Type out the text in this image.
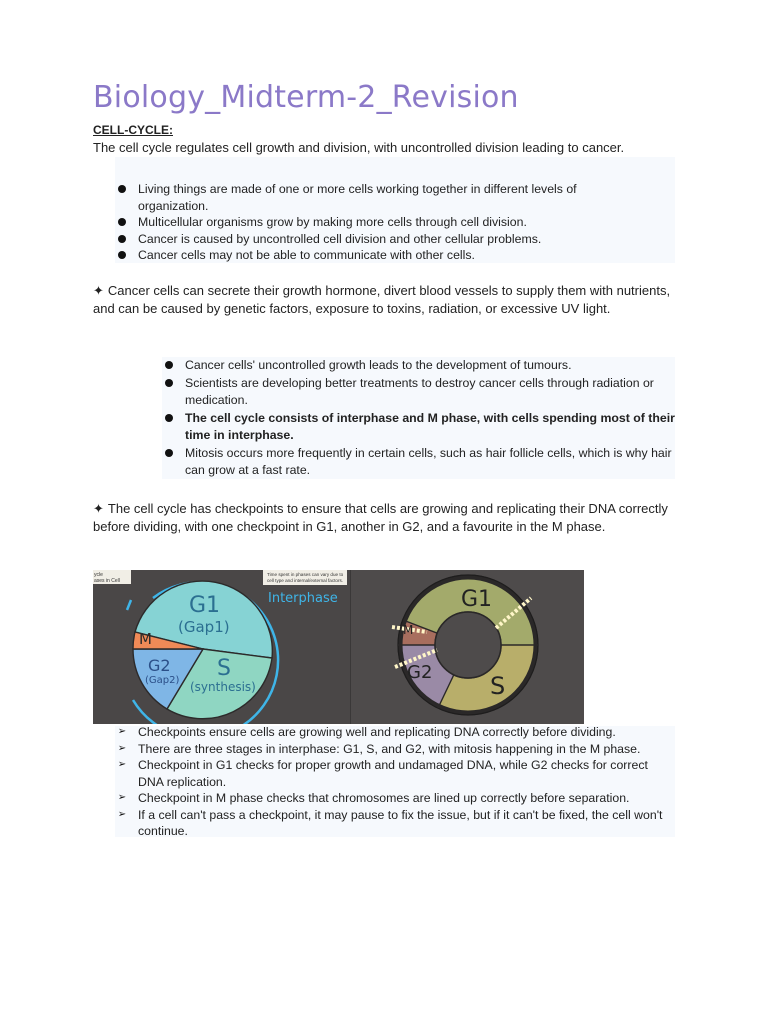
Biology_Midterm-2_Revision

CELL-CYCLE:

The cell cycle regulates cell growth and division, with uncontrolled division leading to cancer.

Living things are made of one or more cells working together in different levels of organization.
Multicellular organisms grow by making more cells through cell division.
Cancer is caused by uncontrolled cell division and other cellular problems.
Cancer cells may not be able to communicate with other cells.

✦ Cancer cells can secrete their growth hormone, divert blood vessels to supply them with nutrients, and can be caused by genetic factors, exposure to toxins, radiation, or excessive UV light.

Cancer cells' uncontrolled growth leads to the development of tumours.
Scientists are developing better treatments to destroy cancer cells through radiation or medication.
The cell cycle consists of interphase and M phase, with cells spending most of their time in interphase.
Mitosis occurs more frequently in certain cells, such as hair follicle cells, which is why hair can grow at a fast rate.

✦ The cell cycle has checkpoints to ensure that cells are growing and replicating their DNA correctly before dividing, with one checkpoint in G1, another in G2, and a favourite in the M phase.

ycle
ases in Cell
Time spent in phases can vary due to
cell type and internal/external factors.
G1
(Gap1)
S
(synthesis)
M
G2
(Gap2)
Interphase	G1
M
G2 S
➢ Checkpoints ensure cells are growing well and replicating DNA correctly before dividing.
➢ There are three stages in interphase: G1, S, and G2, with mitosis happening in the M phase.
➢ Checkpoint in G1 checks for proper growth and undamaged DNA, while G2 checks for correct DNA replication.
➢ Checkpoint in M phase checks that chromosomes are lined up correctly before separation.
➢ If a cell can't pass a checkpoint, it may pause to fix the issue, but if it can't be fixed, the cell won't continue.
